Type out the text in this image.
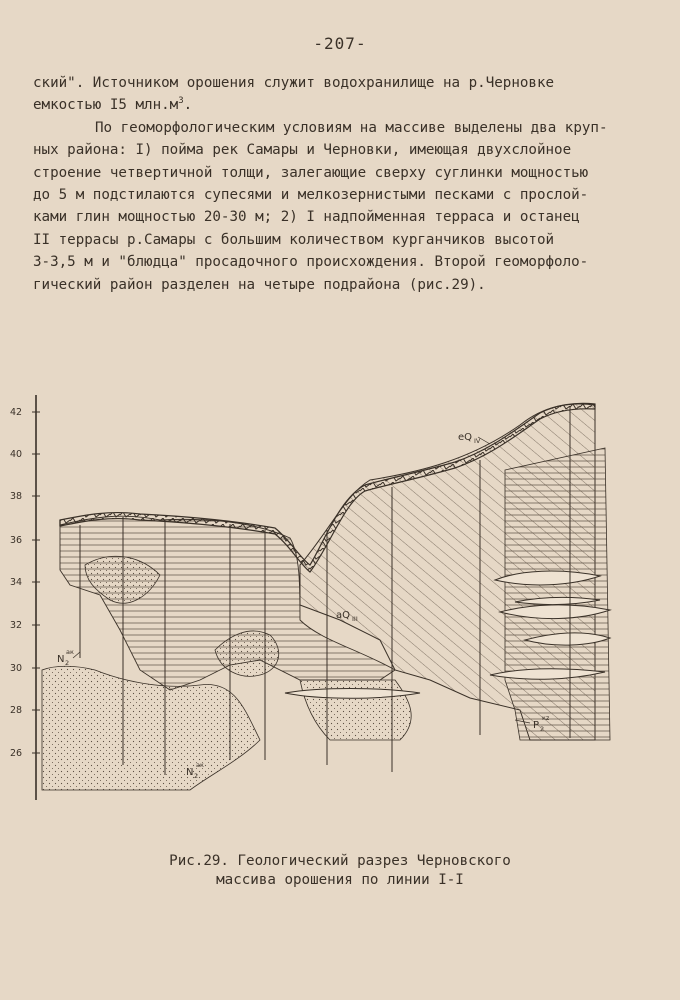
-207-
ский". Источником орошения служит водохранилище на р.Черновке
емкостью I5 $млн.м^3$.
По геоморфологическим условиям на массиве выделены два круп-
ных района: I) пойма рек Самары и Черновки, имеющая двухслойное
строение четвертичной толщи, залегающие сверху суглинки мощностью
до 5 м подстилаются супесями и мелкозернистыми песками с прослой-
ками глин мощностью 20-30 м; 2) I надпойменная терраса и останец
II террасы р.Самары с большим количеством курганчиков высотой
3-3,5 м и "блюдца" просадочного происхождения. Второй геоморфоло-
гический район разделен на четыре подрайона (рис.29).
42
40
38
36
34
32
30
28
26
eQ IV
aQ III
N 2
ак
N 2
ак
P 2
кz
Рис.29. Геологический разрез Черновского
массива орошения по линии I-I
